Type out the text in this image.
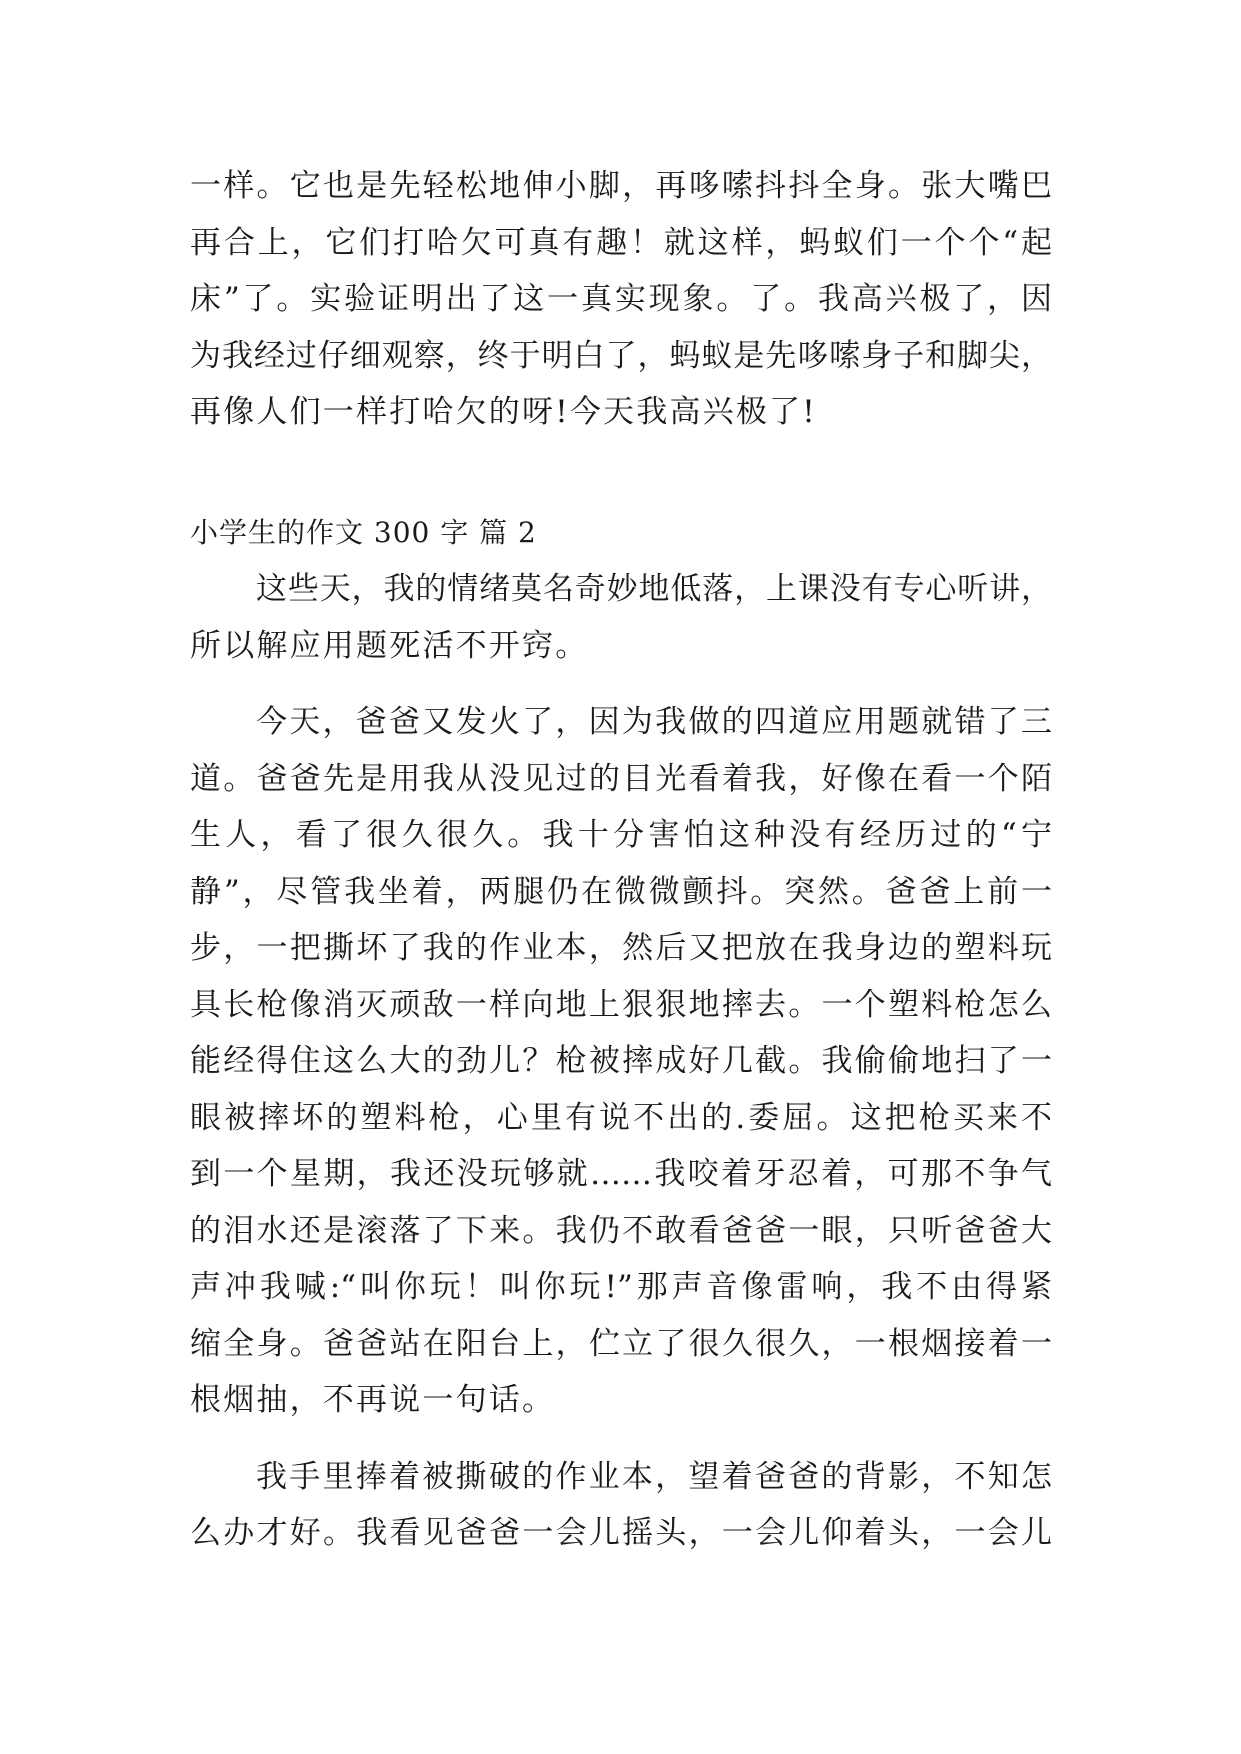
一样。它也是先轻松地伸小脚，再哆嗦抖抖全身。张大嘴巴
再合上，它们打哈欠可真有趣！就这样，蚂蚁们一个个“起
床”了。实验证明出了这一真实现象。了。我高兴极了，因
为我经过仔细观察，终于明白了，蚂蚁是先哆嗦身子和脚尖，
再像人们一样打哈欠的呀!今天我高兴极了!
小学生的作文 300 字 篇 2
这些天，我的情绪莫名奇妙地低落，上课没有专心听讲，
所以解应用题死活不开窍。
今天，爸爸又发火了，因为我做的四道应用题就错了三
道。爸爸先是用我从没见过的目光看着我，好像在看一个陌
生人，看了很久很久。我十分害怕这种没有经历过的“宁
静”，尽管我坐着，两腿仍在微微颤抖。突然。爸爸上前一
步，一把撕坏了我的作业本，然后又把放在我身边的塑料玩
具长枪像消灭顽敌一样向地上狠狠地摔去。一个塑料枪怎么
能经得住这么大的劲儿？枪被摔成好几截。我偷偷地扫了一
眼被摔坏的塑料枪，心里有说不出的.委屈。这把枪买来不
到一个星期，我还没玩够就……我咬着牙忍着，可那不争气
的泪水还是滚落了下来。我仍不敢看爸爸一眼，只听爸爸大
声冲我喊:“叫你玩！叫你玩!”那声音像雷响，我不由得紧
缩全身。爸爸站在阳台上，伫立了很久很久，一根烟接着一
根烟抽，不再说一句话。
我手里捧着被撕破的作业本，望着爸爸的背影，不知怎
么办才好。我看见爸爸一会儿摇头，一会儿仰着头，一会儿
